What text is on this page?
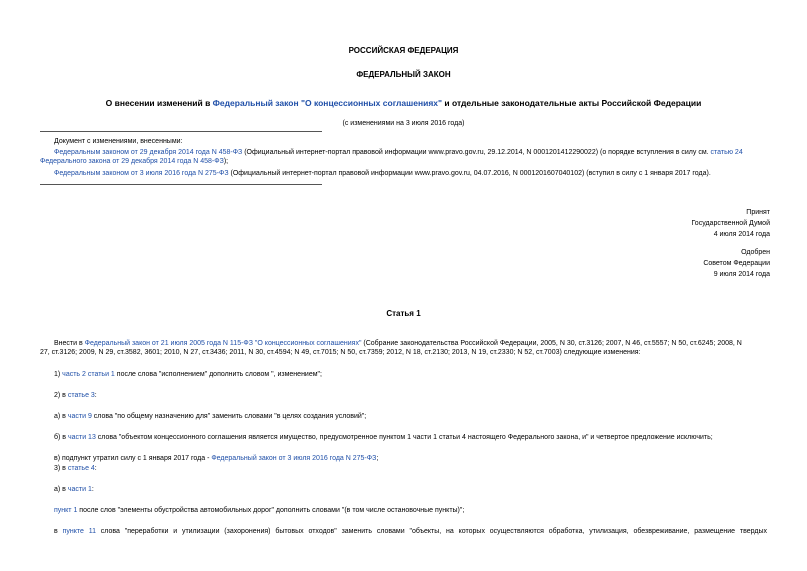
РОССИЙСКАЯ ФЕДЕРАЦИЯ
ФЕДЕРАЛЬНЫЙ ЗАКОН
О внесении изменений в Федеральный закон "О концессионных соглашениях" и отдельные законодательные акты Российской Федерации
(с изменениями на 3 июля 2016 года)
Документ с изменениями, внесенными:
Федеральным законом от 29 декабря 2014 года N 458-ФЗ (Официальный интернет-портал правовой информации www.pravo.gov.ru, 29.12.2014, N 0001201412290022) (о порядке вступления в силу см. статью 24
Федерального закона от 29 декабря 2014 года N 458-ФЗ);
Федеральным законом от 3 июля 2016 года N 275-ФЗ (Официальный интернет-портал правовой информации www.pravo.gov.ru, 04.07.2016, N 0001201607040102) (вступил в силу с 1 января 2017 года).
Принят
Государственной Думой
4 июля 2014 года
Одобрен
Советом Федерации
9 июля 2014 года
Статья 1
Внести в Федеральный закон от 21 июля 2005 года N 115-ФЗ "О концессионных соглашениях" (Собрание законодательства Российской Федерации, 2005, N 30, ст.3126; 2007, N 46, ст.5557; N 50, ст.6245; 2008, N
27, ст.3126; 2009, N 29, ст.3582, 3601; 2010, N 27, ст.3436; 2011, N 30, ст.4594; N 49, ст.7015; N 50, ст.7359; 2012, N 18, ст.2130; 2013, N 19, ст.2330; N 52, ст.7003) следующие изменения:
1) часть 2 статьи 1 после слова "исполнением" дополнить словом ", изменением";
2) в статье 3:
а) в части 9 слова "по общему назначению для" заменить словами "в целях создания условий";
б) в части 13 слова "объектом концессионного соглашения является имущество, предусмотренное пунктом 1 части 1 статьи 4 настоящего Федерального закона, и" и четвертое предложение исключить;
в) подпункт утратил силу с 1 января 2017 года - Федеральный закон от 3 июля 2016 года N 275-ФЗ;
3) в статье 4:
а) в части 1:
пункт 1 после слов "элементы обустройства автомобильных дорог" дополнить словами "(в том числе остановочные пункты)";
в пункте 11 слова "переработки и утилизации (захоронения) бытовых отходов" заменить словами "объекты, на которых осуществляются обработка, утилизация, обезвреживание, размещение твердых
